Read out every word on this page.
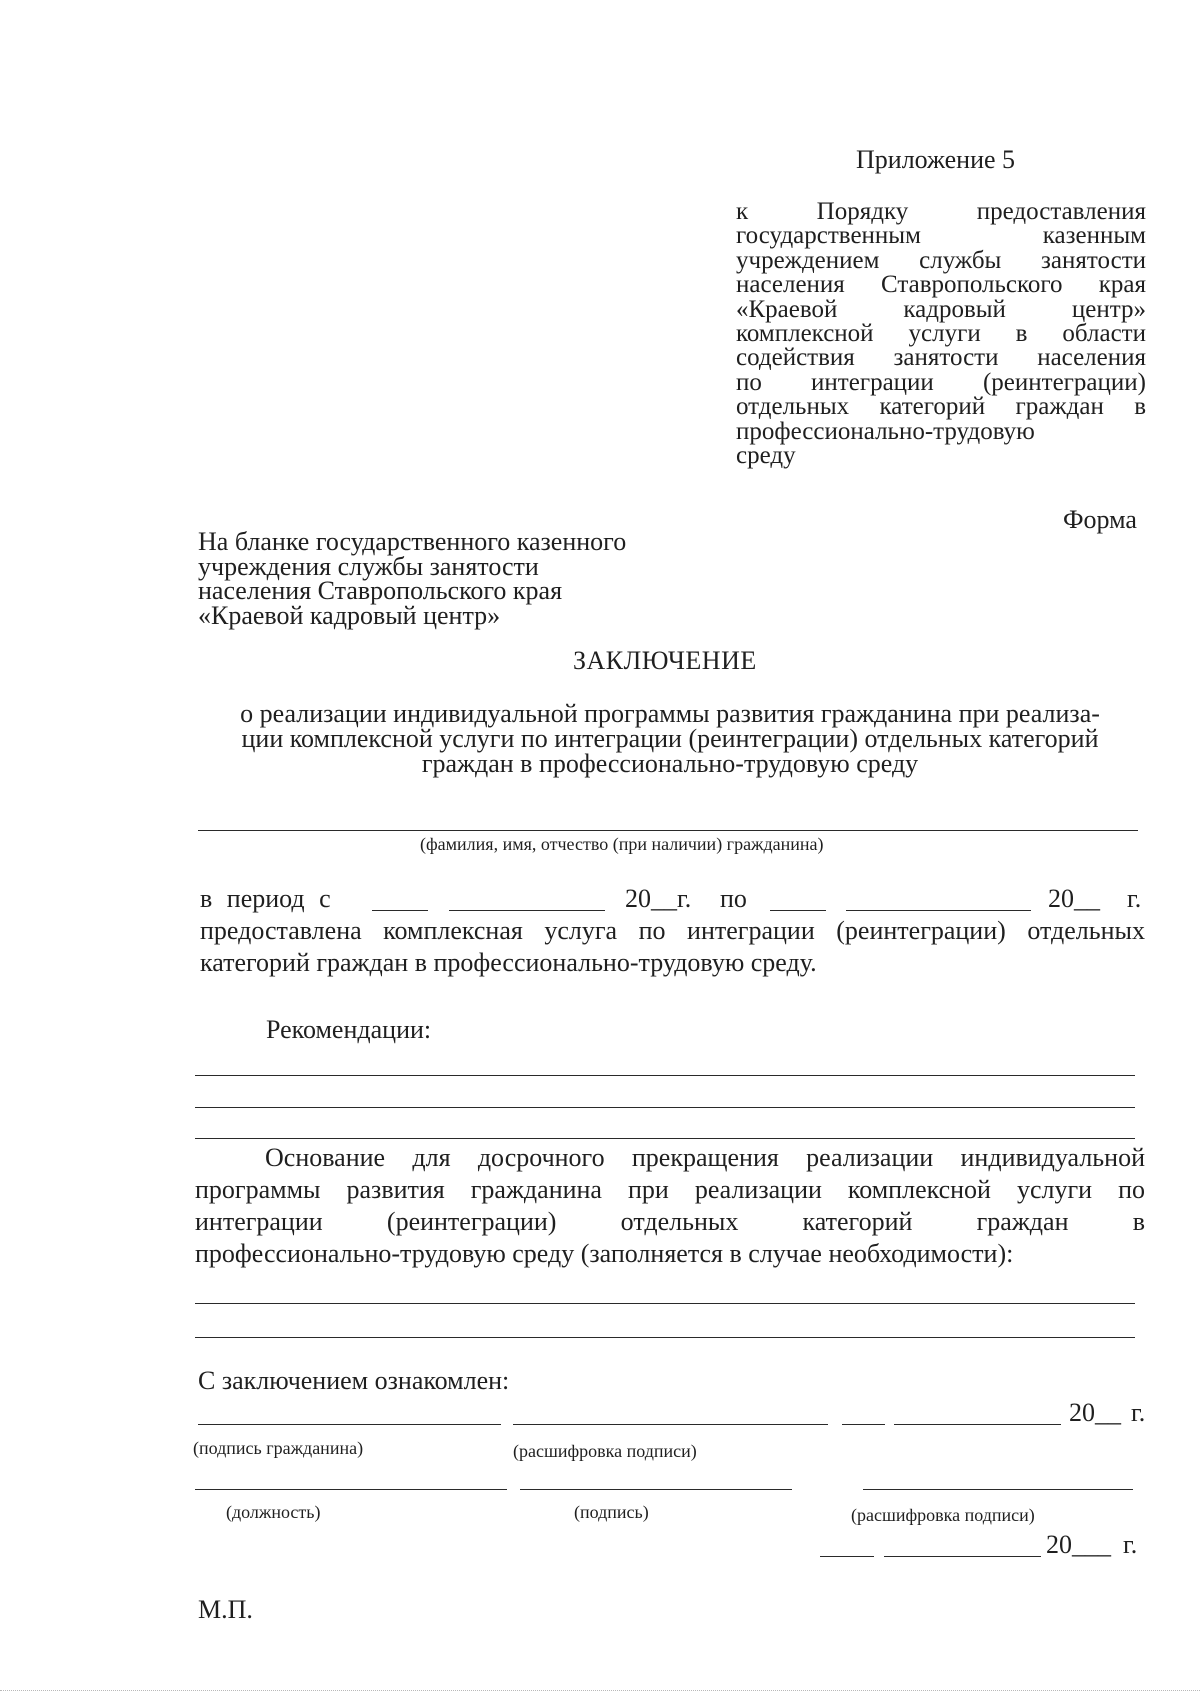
Приложение 5
к Порядку предоставления
государственным казенным
учреждением службы занятости
населения Ставропольского края
«Краевой кадровый центр»
комплексной услуги в области
содействия занятости населения
по интеграции (реинтеграции)
отдельных категорий граждан в
профессионально-трудовую
среду
Форма
На бланке государственного казенного
учреждения службы занятости
населения Ставропольского края
«Краевой кадровый центр»
ЗАКЛЮЧЕНИЕ
о реализации индивидуальной программы развития гражданина при реализа-
ции комплексной услуги по интеграции (реинтеграции) отдельных категорий
граждан в профессионально-трудовую среду
(фамилия, имя, отчество (при наличии) гражданина)
в период с	20__г. по	20__ г.
предоставлена комплексная услуга по интеграции (реинтеграции) отдельных
категорий граждан в профессионально-трудовую среду.
Рекомендации:
Основание для досрочного прекращения реализации индивидуальной
программы развития гражданина при реализации комплексной услуги по
интеграции (реинтеграции) отдельных категорий граждан в
профессионально-трудовую среду (заполняется в случае необходимости):
С заключением ознакомлен:
20__ г.
(подпись гражданина)	(расшифровка подписи)
(должность)	(подпись)	(расшифровка подписи)
20___ г.
М.П.
